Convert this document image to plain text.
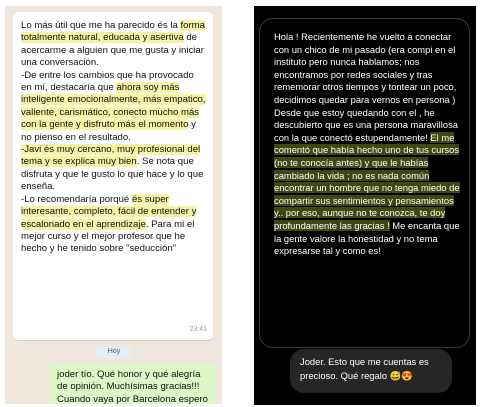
Lo más útil que me ha parecido és la forma totalmente natural, educada y asertiva de acercarme a alguien que me gusta y iniciar una conversación.

-De entre los cambios que ha provocado en mí, destacaría que ahora soy más inteligente emocionalmente, más empatico, valiente, carismático, conecto mucho más con la gente y disfruto más el momento y no pienso en el resultado.

-Javi és muy cercano, muy profesional del tema y se explica muy bien. Se nota que disfruta y que le gusto lo que hace y lo que enseña.

-Lo recomendaría porqué és super interesante, completo, fácil de entender y escalonado en el aprendizaje. Para mi el mejor curso y el mejor profesor que he hecho y he tenido sobre "seducción"

23:41
Hoy
joder tío. Qué honor y qué alegría de opinión. Muchísimas gracias!!! Cuando vaya por Barcelona espero

Hola ! Recientemente he vuelto a conectar con un chico de mi pasado (era compi en el instituto pero nunca hablamos; nos encontramos por redes sociales y tras rememorar otros tiempos y tontear un poco, decidimos quedar para vernos en persona ) Desde que estoy quedando con el , he descubierto que es una persona maravillosa con la que conectó estupendamente! El me comentó que había hecho uno de tus cursos (no te conocía antes) y que le habías cambiado la vida ; no es nada común encontrar un hombre que no tenga miedo de compartir sus sentimientos y pensamientos y.. por eso, aunque no te conozca, te doy profundamente las gracias ! Me encanta que la gente valore la honestidad y no tema expresarse tal y como es!

Joder. Esto que me cuentas es precioso. Qué regalo 😅😍
